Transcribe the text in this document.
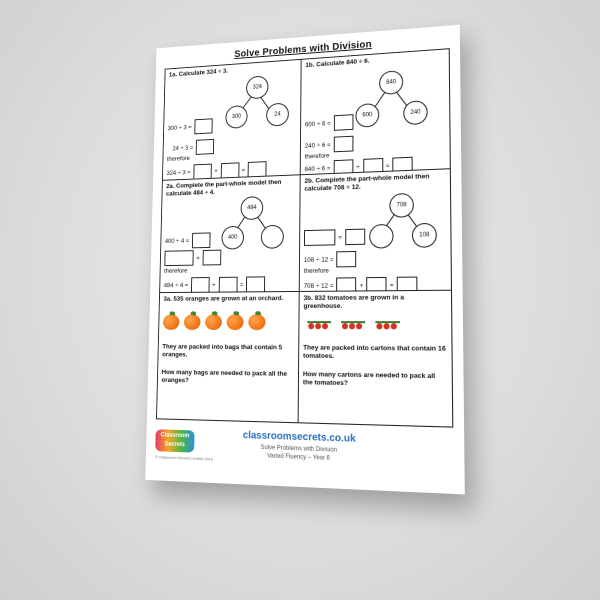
Solve Problems with Division
1a. Calculate 324 ÷ 3.
324
300	24
300 ÷ 3 =
24 ÷ 3 =
therefore
324 ÷ 3 =	+	=
1b. Calculate 840 ÷ 6.
840
600	240
600 ÷ 6 =
240 ÷ 6 =
therefore
840 ÷ 6 =	+	=
2a. Complete the part-whole model then calculate 484 ÷ 4.
484
400
400 ÷ 4 =
=
therefore
484 ÷ 4 =	+	=
2b. Complete the part-whole model then calculate 708 ÷ 12.
708
108
=
108 ÷ 12 =
therefore
708 ÷ 12 =	+	=
3a. 535 oranges are grown at an orchard.
They are packed into bags that contain 5 oranges.
How many bags are needed to pack all the oranges?
3b. 832 tomatoes are grown in a greenhouse.
They are packed into cartons that contain 16 tomatoes.
How many cartons are needed to pack all the tomatoes?
Classroom Secrets	classroomsecrets.co.uk
Solve Problems with Division
Varied Fluency – Year 6
© Classroom Secrets Limited 2018
